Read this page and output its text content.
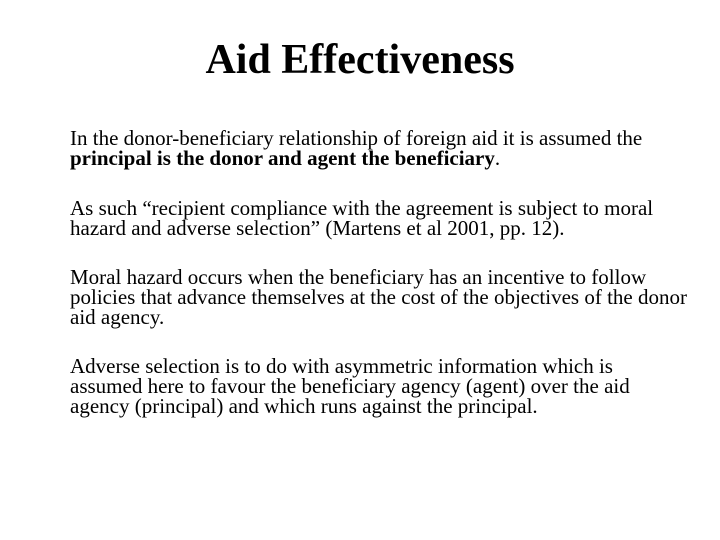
Aid Effectiveness

In the donor-beneficiary relationship of foreign aid it is assumed the principal is the donor and agent the beneficiary.

As such “recipient compliance with the agreement is subject to moral hazard and adverse selection” (Martens et al 2001, pp. 12).

Moral hazard occurs when the beneficiary has an incentive to follow policies that advance themselves at the cost of the objectives of the donor aid agency.

Adverse selection is to do with asymmetric information which is assumed here to favour the beneficiary agency (agent) over the aid agency (principal) and which runs against the principal.
